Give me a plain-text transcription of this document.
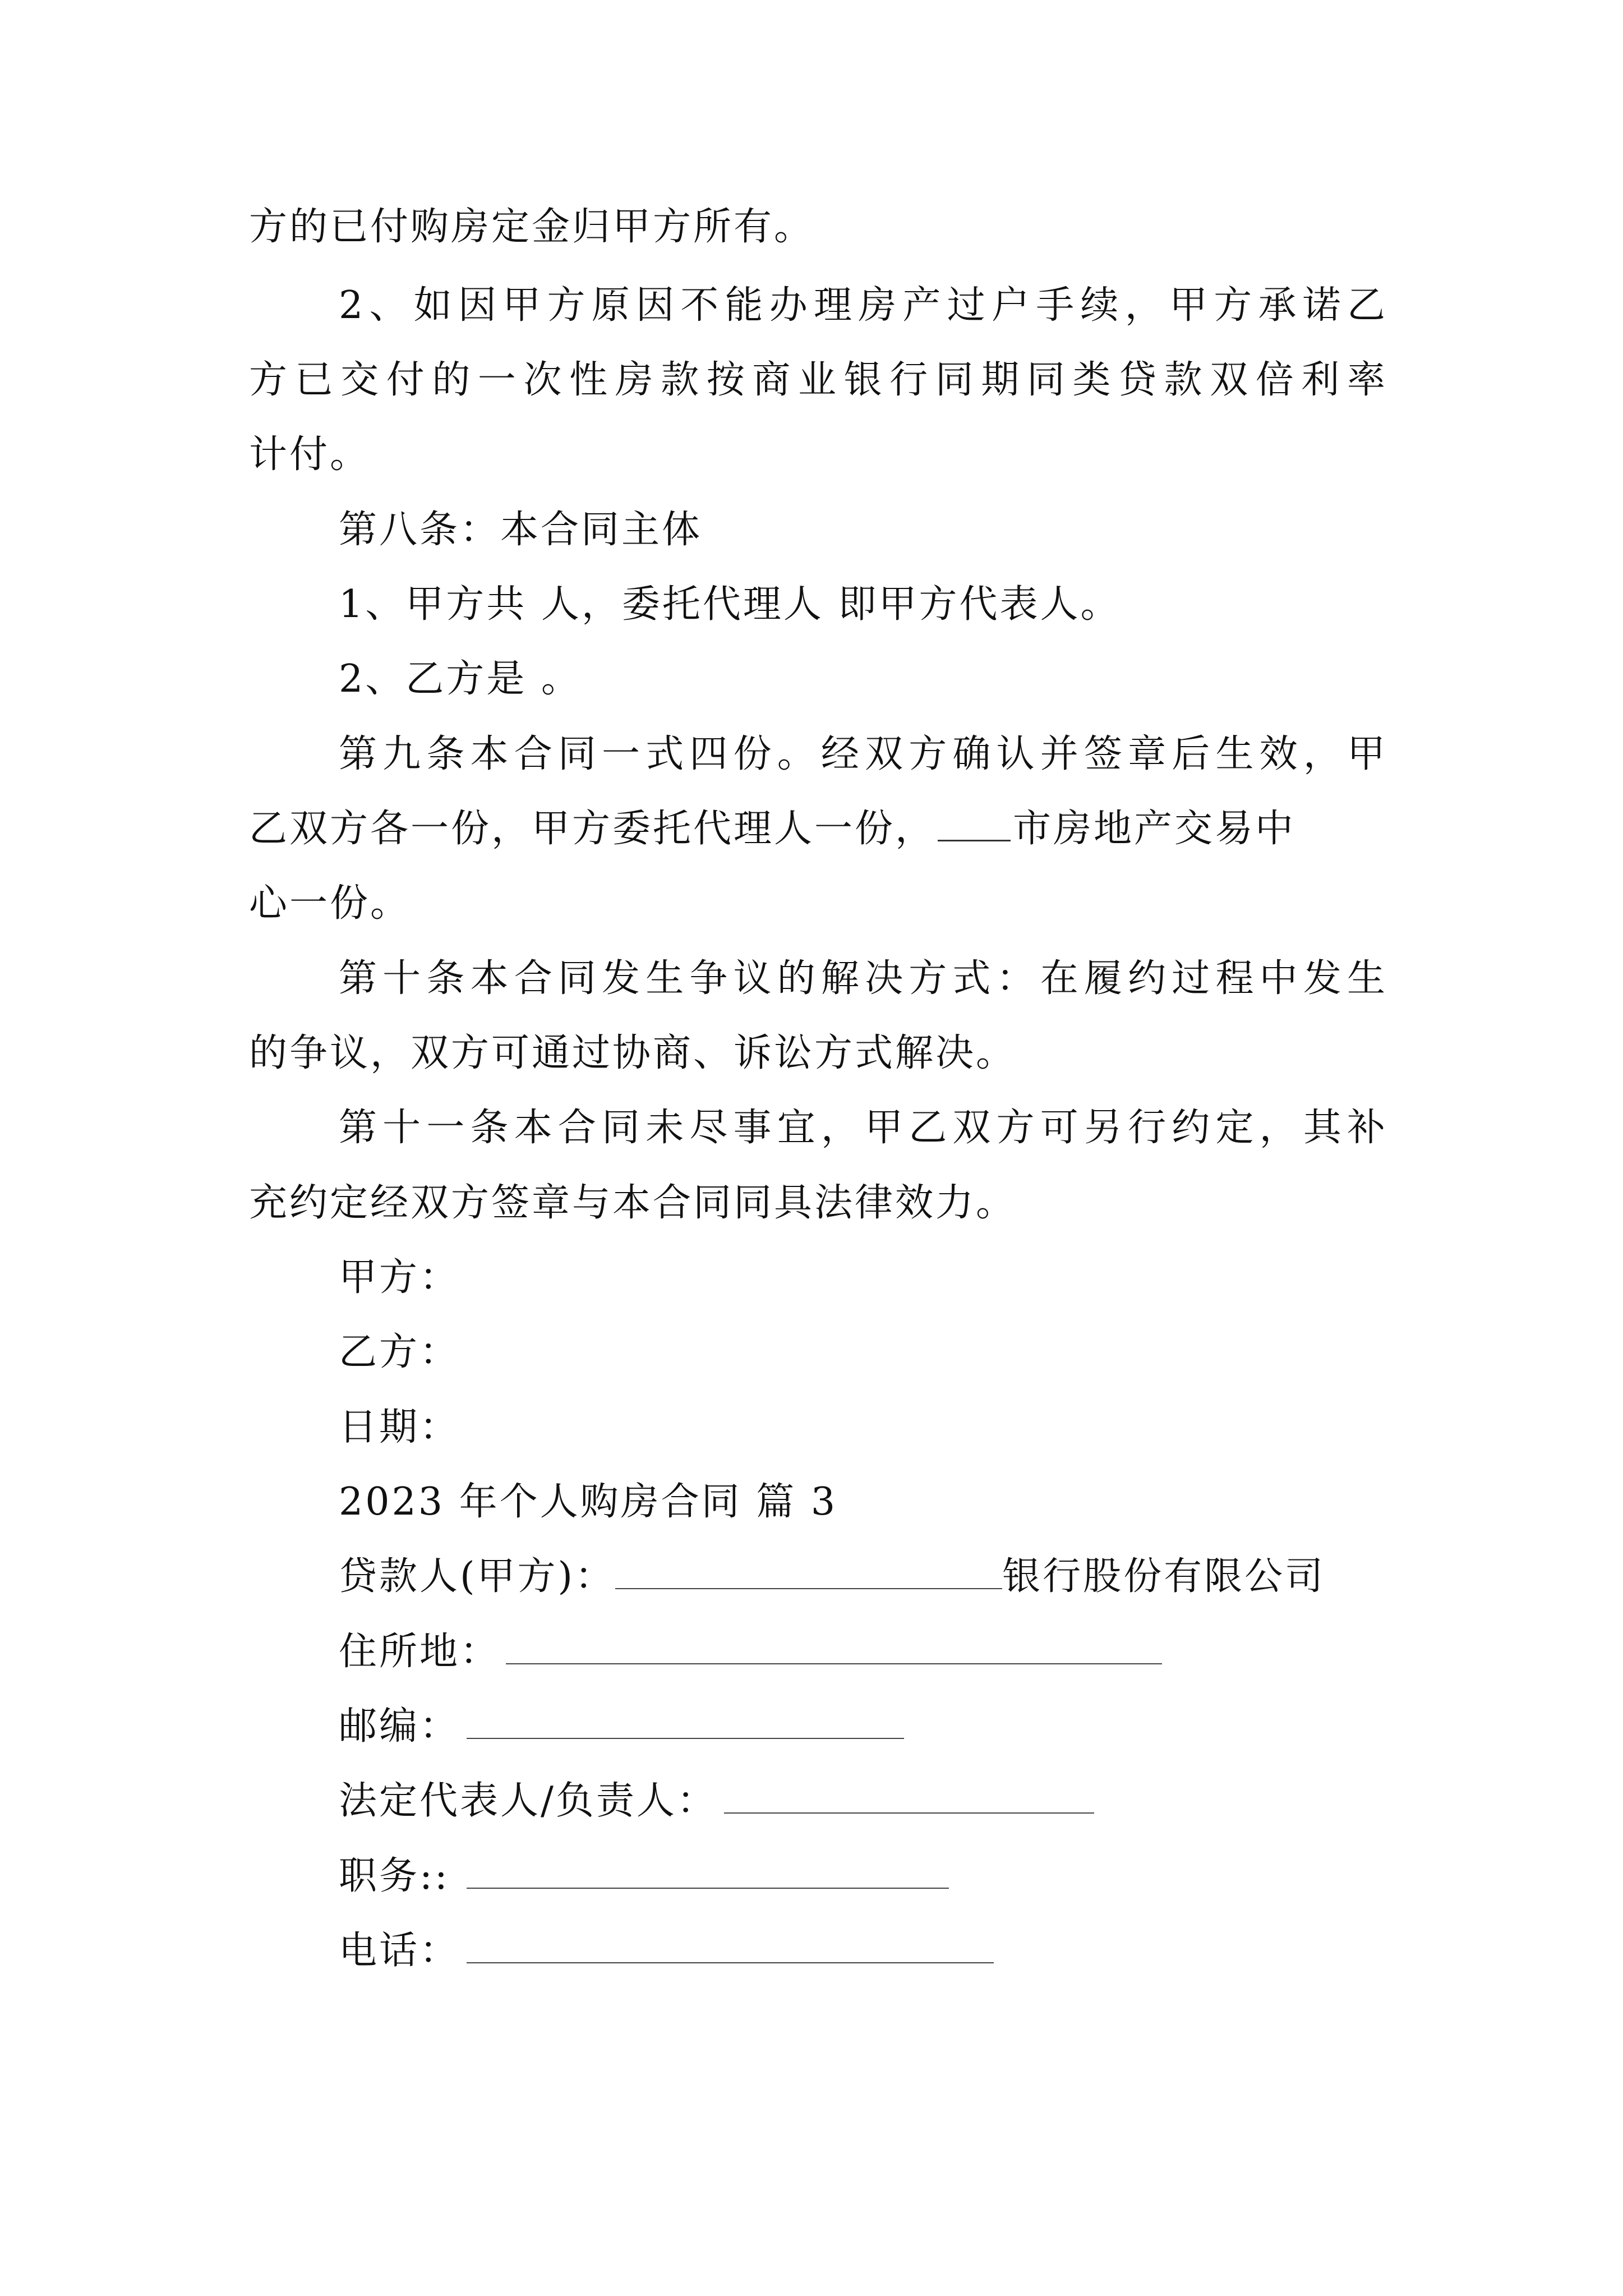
方的已付购房定金归甲方所有。
2、如因甲方原因不能办理房产过户手续，甲方承诺乙
方已交付的一次性房款按商业银行同期同类贷款双倍利率
计付。
第八条：本合同主体
1、甲方共 人，委托代理人 即甲方代表人。
2、乙方是 。
第九条本合同一式四份。经双方确认并签章后生效，甲
乙双方各一份，甲方委托代理人一份， 市房地产交易中
心一份。
第十条本合同发生争议的解决方式：在履约过程中发生
的争议，双方可通过协商、诉讼方式解决。
第十一条本合同未尽事宜，甲乙双方可另行约定，其补
充约定经双方签章与本合同同具法律效力。
甲方：
乙方：
日期：
2023 年个人购房合同 篇 3
贷款人(甲方)：	银行股份有限公司
住所地：
邮编：
法定代表人/负责人：
职务::
电话：
